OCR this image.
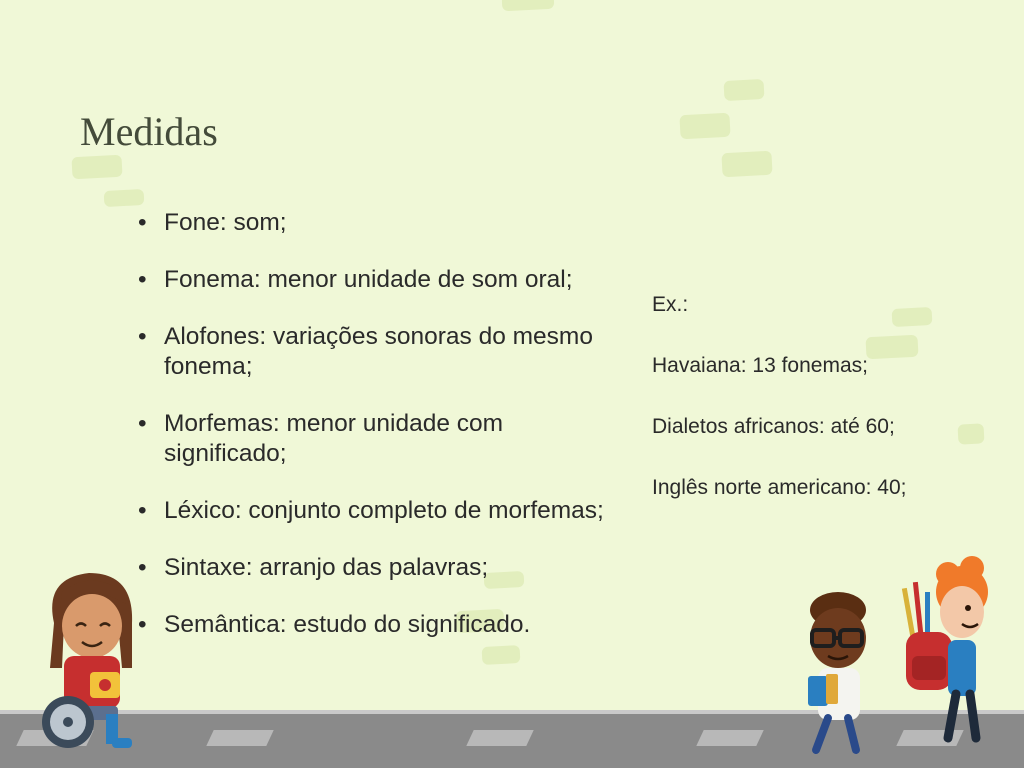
Medidas
• Fone: som;
• Fonema: menor unidade de som oral;
• Alofones: variações sonoras do mesmo fonema;
• Morfemas: menor unidade com significado;
• Léxico: conjunto completo de morfemas;
• Sintaxe: arranjo das palavras;
• Semântica: estudo do significado.

Ex.:

Havaiana: 13 fonemas;

Dialetos africanos: até 60;

Inglês norte americano: 40;
